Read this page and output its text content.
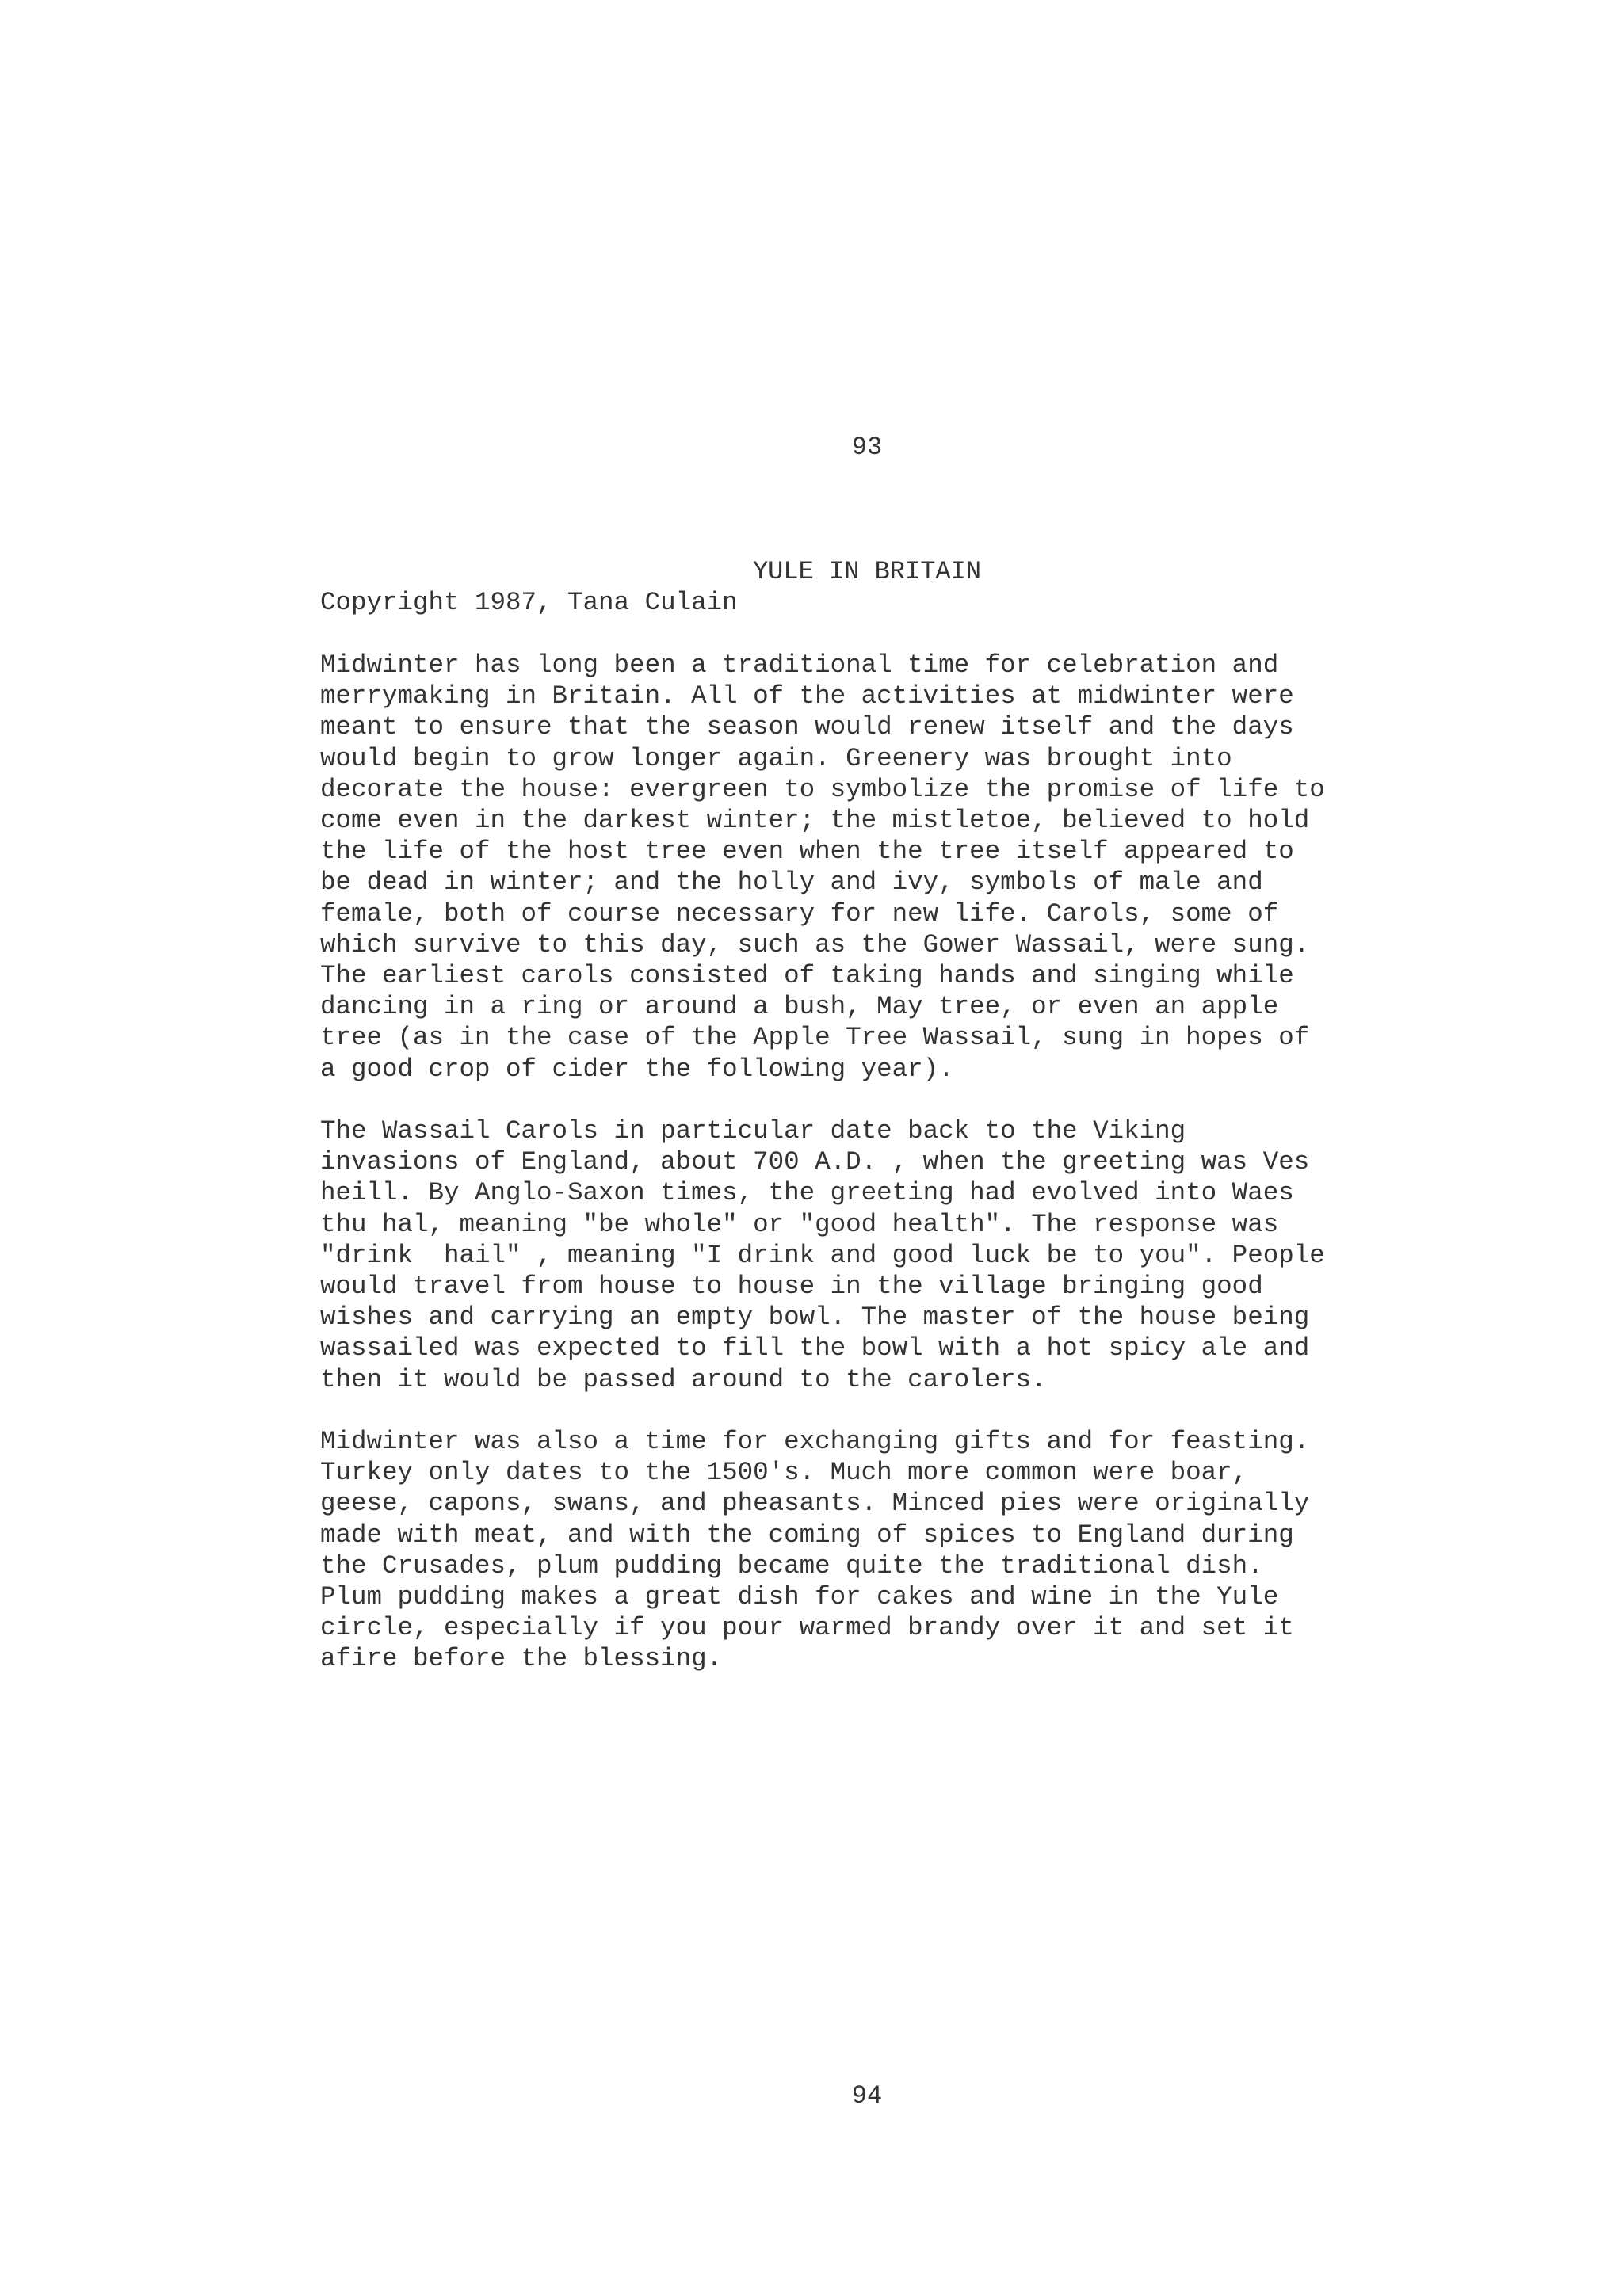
93
YULE IN BRITAIN
Copyright 1987, Tana Culain
Midwinter has long been a traditional time for celebration and
merrymaking in Britain. All of the activities at midwinter were
meant to ensure that the season would renew itself and the days
would begin to grow longer again. Greenery was brought into
decorate the house: evergreen to symbolize the promise of life to
come even in the darkest winter; the mistletoe, believed to hold
the life of the host tree even when the tree itself appeared to
be dead in winter; and the holly and ivy, symbols of male and
female, both of course necessary for new life. Carols, some of
which survive to this day, such as the Gower Wassail, were sung.
The earliest carols consisted of taking hands and singing while
dancing in a ring or around a bush, May tree, or even an apple
tree (as in the case of the Apple Tree Wassail, sung in hopes of
a good crop of cider the following year).
The Wassail Carols in particular date back to the Viking
invasions of England, about 700 A.D. , when the greeting was Ves
heill. By Anglo-Saxon times, the greeting had evolved into Waes
thu hal, meaning "be whole" or "good health". The response was
"drink  hail" , meaning "I drink and good luck be to you". People
would travel from house to house in the village bringing good
wishes and carrying an empty bowl. The master of the house being
wassailed was expected to fill the bowl with a hot spicy ale and
then it would be passed around to the carolers.
Midwinter was also a time for exchanging gifts and for feasting.
Turkey only dates to the 1500's. Much more common were boar,
geese, capons, swans, and pheasants. Minced pies were originally
made with meat, and with the coming of spices to England during
the Crusades, plum pudding became quite the traditional dish.
Plum pudding makes a great dish for cakes and wine in the Yule
circle, especially if you pour warmed brandy over it and set it
afire before the blessing.
94
